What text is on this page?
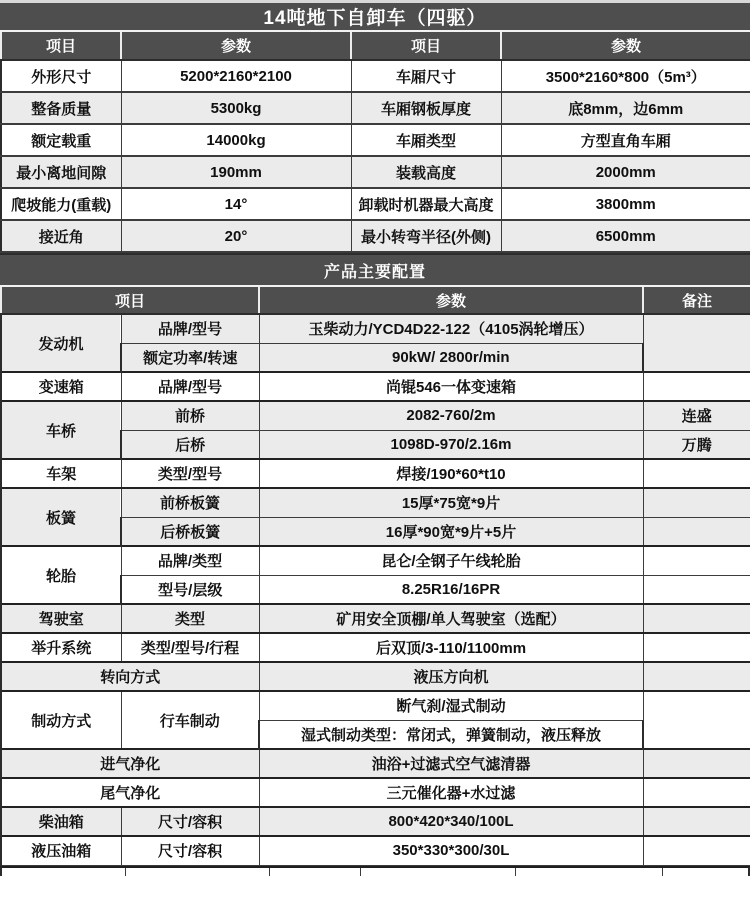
14吨地下自卸车（四驱）
项目	参数	项目	参数
外形尺寸	5200*2160*2100	车厢尺寸	3500*2160*800（5m³）
整备质量	5300kg	车厢钢板厚度	底8mm，边6mm
额定载重	14000kg	车厢类型	方型直角车厢
最小离地间隙	190mm	装载高度	2000mm
爬坡能力(重载)	14°	卸载时机器最大高度	3800mm
接近角	20°	最小转弯半径(外侧)	6500mm
产品主要配置
项目		参数	备注
发动机	品牌/型号	玉柴动力/YCD4D22-122（4105涡轮增压）	
	额定功率/转速	90kW/ 2800r/min	
变速箱	品牌/型号	尚锟546一体变速箱	
车桥	前桥	2082-760/2m	连盛
	后桥	1098D-970/2.16m	万腾
车架	类型/型号	焊接/190*60*t10	
板簧	前桥板簧	15厚*75宽*9片	
	后桥板簧	16厚*90宽*9片+5片	
轮胎	品牌/类型	昆仑/全钢子午线轮胎	
	型号/层级	8.25R16/16PR	
驾驶室	类型	矿用安全顶棚/单人驾驶室（选配）	
举升系统	类型/型号/行程	后双顶/3-110/1100mm	
转向方式		液压方向机	
制动方式	行车制动	断气刹/湿式制动	
		湿式制动类型：常闭式，弹簧制动，液压释放	
进气净化		油浴+过滤式空气滤清器	
尾气净化		三元催化器+水过滤	
柴油箱	尺寸/容积	800*420*340/100L	
液压油箱	尺寸/容积	350*330*300/30L	
